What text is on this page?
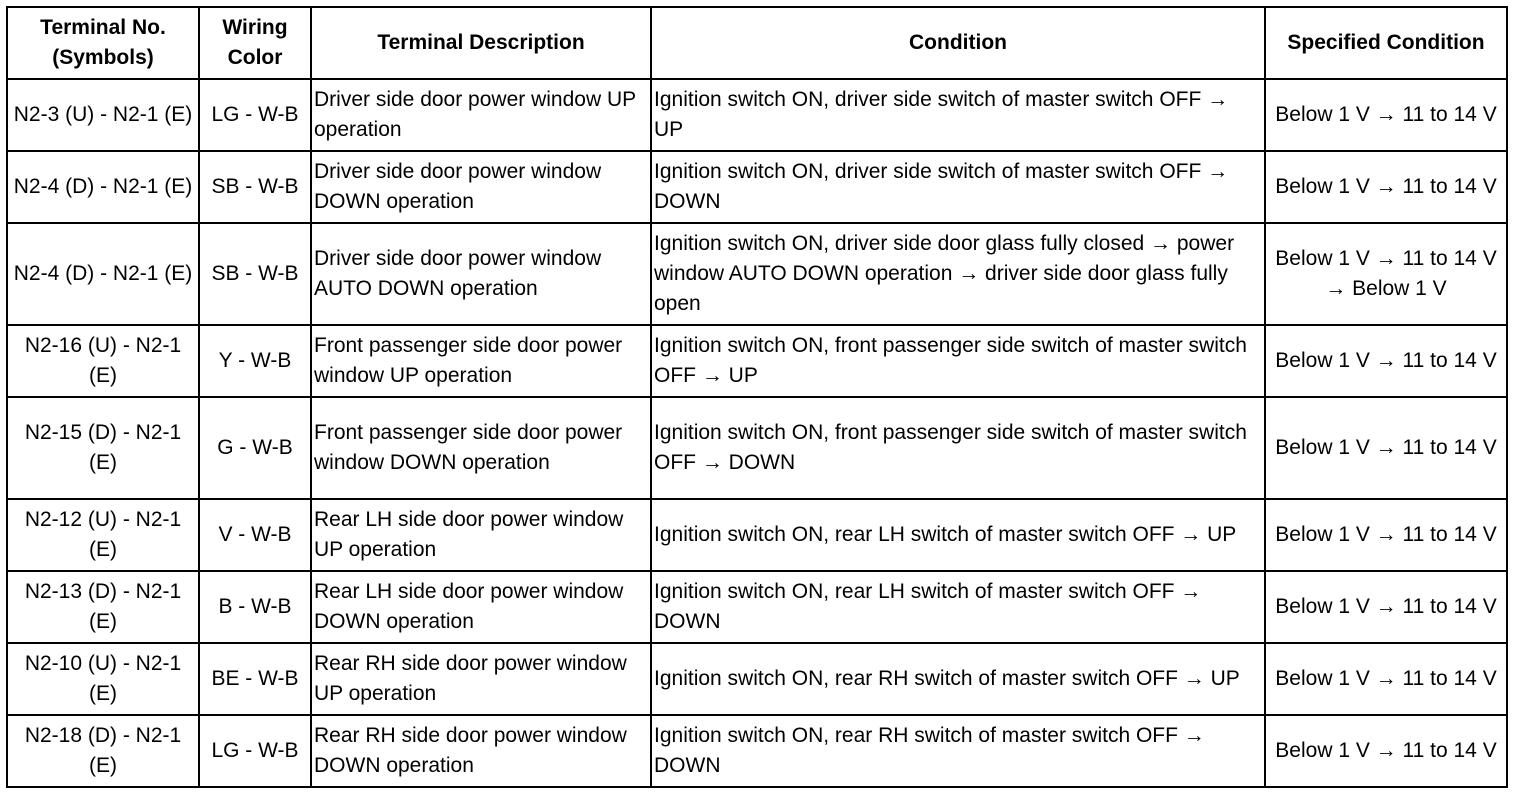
Terminal No. (Symbols)	Wiring Color	Terminal Description	Condition	Specified Condition
N2-3 (U) - N2-1 (E)	LG - W-B	Driver side door power window UP operation	Ignition switch ON, driver side switch of master switch OFF → UP	Below 1 V → 11 to 14 V
N2-4 (D) - N2-1 (E)	SB - W-B	Driver side door power window DOWN operation	Ignition switch ON, driver side switch of master switch OFF → DOWN	Below 1 V → 11 to 14 V
N2-4 (D) - N2-1 (E)	SB - W-B	Driver side door power window AUTO DOWN operation	Ignition switch ON, driver side door glass fully closed → power window AUTO DOWN operation → driver side door glass fully open	Below 1 V → 11 to 14 V → Below 1 V
N2-16 (U) - N2-1 (E)	Y - W-B	Front passenger side door power window UP operation	Ignition switch ON, front passenger side switch of master switch OFF → UP	Below 1 V → 11 to 14 V
N2-15 (D) - N2-1 (E)	G - W-B	Front passenger side door power window DOWN operation	Ignition switch ON, front passenger side switch of master switch OFF → DOWN	Below 1 V → 11 to 14 V
N2-12 (U) - N2-1 (E)	V - W-B	Rear LH side door power window UP operation	Ignition switch ON, rear LH switch of master switch OFF → UP	Below 1 V → 11 to 14 V
N2-13 (D) - N2-1 (E)	B - W-B	Rear LH side door power window DOWN operation	Ignition switch ON, rear LH switch of master switch OFF → DOWN	Below 1 V → 11 to 14 V
N2-10 (U) - N2-1 (E)	BE - W-B	Rear RH side door power window UP operation	Ignition switch ON, rear RH switch of master switch OFF → UP	Below 1 V → 11 to 14 V
N2-18 (D) - N2-1 (E)	LG - W-B	Rear RH side door power window DOWN operation	Ignition switch ON, rear RH switch of master switch OFF → DOWN	Below 1 V → 11 to 14 V
